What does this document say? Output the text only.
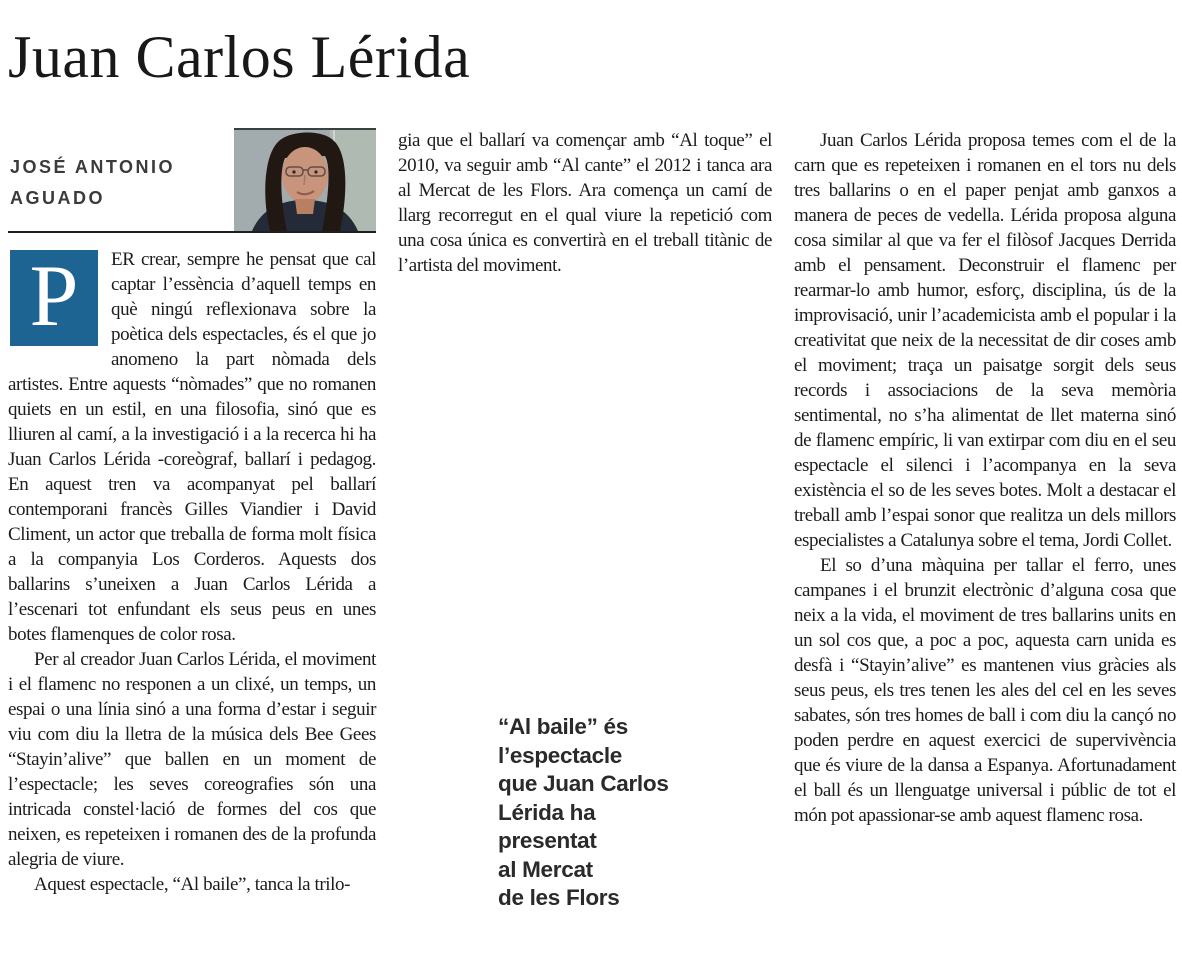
Juan Carlos Lérida
JOSÉ ANTONIO
AGUADO

P	ER crear, sempre he pensat que cal captar l’essència d’aquell temps en què ningú reflexionava sobre la poètica dels espectacles, és el que jo anomeno la part nòmada dels artistes. Entre aquests “nòmades” que no romanen quiets en un estil, en una filosofia, sinó que es lliuren al camí, a la investigació i a la recerca hi ha Juan Carlos Lérida -coreògraf, ballarí i pedagog. En aquest tren va acompanyat pel ballarí contemporani francès Gilles Viandier i David Climent, un actor que treballa de forma molt física a la companyia Los Corderos. Aquests dos ballarins s’uneixen a Juan Carlos Lérida a l’escenari tot enfundant els seus peus en unes botes flamenques de color rosa.

Per al creador Juan Carlos Lérida, el moviment i el flamenc no responen a un clixé, un temps, un espai o una línia sinó a una forma d’estar i seguir viu com diu la lletra de la música dels Bee Gees “Stayin’alive” que ballen en un moment de l’espectacle; les seves coreografies són una intricada constel·lació de formes del cos que neixen, es repeteixen i romanen des de la profunda alegria de viure.

Aquest espectacle, “Al baile”, tanca la trilo-

gia que el ballarí va començar amb “Al toque” el 2010, va seguir amb “Al cante” el 2012 i tanca ara al Mercat de les Flors. Ara comença un camí de llarg recorregut en el qual viure la repetició com una cosa única es convertirà en el treball titànic de l’artista del moviment.

“Al baile” és
l’espectacle
que Juan Carlos
Lérida ha
presentat
al Mercat
de les Flors

Juan Carlos Lérida proposa temes com el de la carn que es repeteixen i romanen en el tors nu dels tres ballarins o en el paper penjat amb ganxos a manera de peces de vedella. Lérida proposa alguna cosa similar al que va fer el filòsof Jacques Derrida amb el pensament. Deconstruir el flamenc per rearmar-lo amb humor, esforç, disciplina, ús de la improvisació, unir l’academicista amb el popular i la creativitat que neix de la necessitat de dir coses amb el moviment; traça un paisatge sorgit dels seus records i associacions de la seva memòria sentimental, no s’ha alimentat de llet materna sinó de flamenc empíric, li van extirpar com diu en el seu espectacle el silenci i l’acompanya en la seva existència el so de les seves botes. Molt a destacar el treball amb l’espai sonor que realitza un dels millors especialistes a Catalunya sobre el tema, Jordi Collet.

El so d’una màquina per tallar el ferro, unes campanes i el brunzit electrònic d’alguna cosa que neix a la vida, el moviment de tres ballarins units en un sol cos que, a poc a poc, aquesta carn unida es desfà i “Stayin’alive” es mantenen vius gràcies als seus peus, els tres tenen les ales del cel en les seves sabates, són tres homes de ball i com diu la cançó no poden perdre en aquest exercici de supervivència que és viure de la dansa a Espanya. Afortunadament el ball és un llenguatge universal i públic de tot el món pot apassionar-se amb aquest flamenc rosa.
